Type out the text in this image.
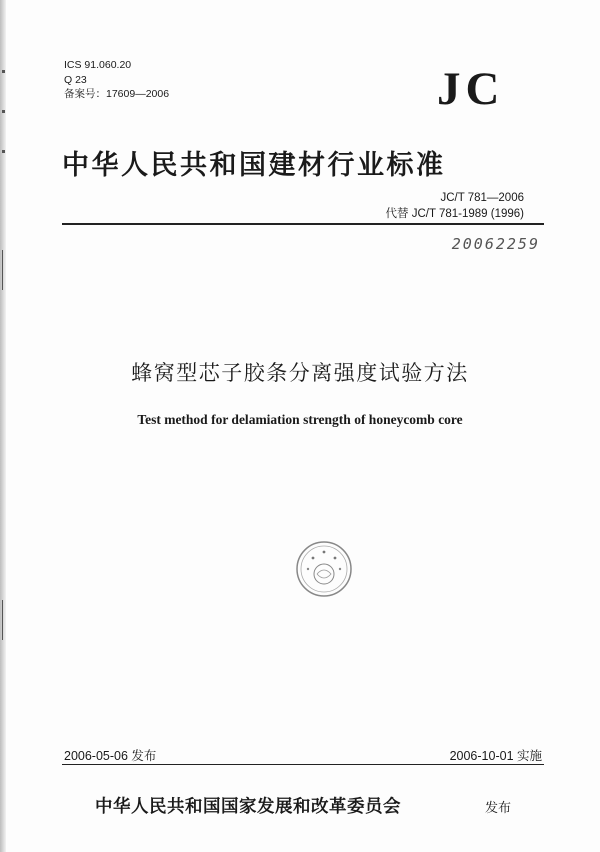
ICS 91.060.20
Q 23
备案号：17609—2006	JC
中华人民共和国建材行业标准
JC/T 781—2006
代替 JC/T 781-1989 (1996)
20062259
蜂窝型芯子胶条分离强度试验方法
Test method for delamiation strength of honeycomb core
2006-05-06 发布	2006-10-01 实施
中华人民共和国国家发展和改革委员会	发布
